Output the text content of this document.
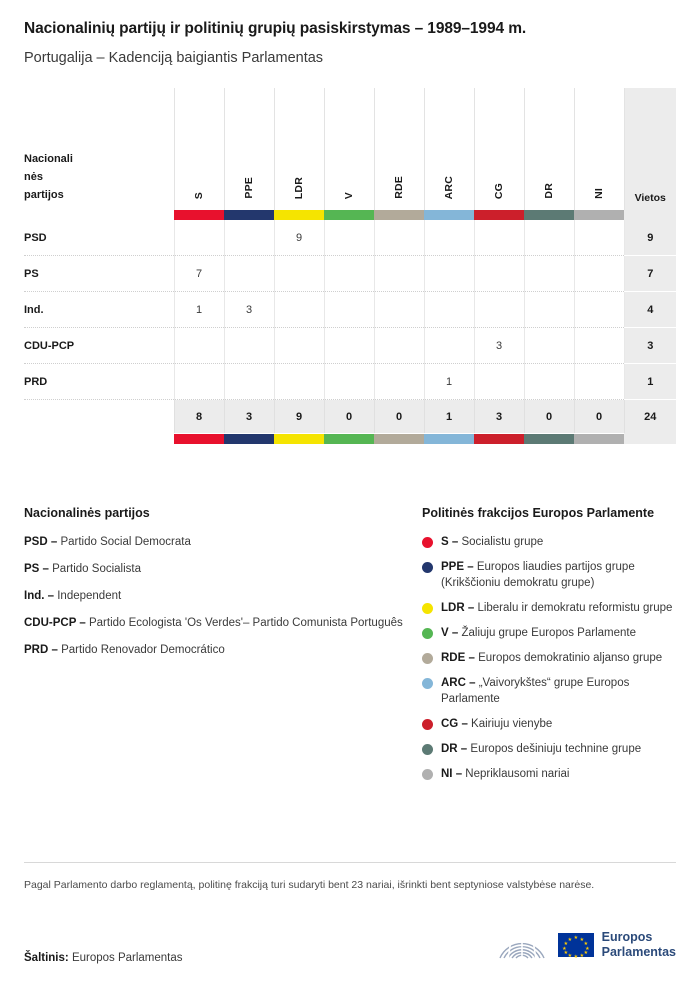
Nacionalinių partijų ir politinių grupių pasiskirstymas – 1989–1994 m.
Portugalija – Kadenciją baigiantis Parlamentas
Nacionali
nės
partijos	S	PPE	LDR	V	RDE	ARC	CG	DR	NI	Vietos

PSD			9							9
PS	7									7
Ind.	1	3								4
CDU-PCP							3			3
PRD						1				1
	8	3	9	0	0	1	3	0	0	24

Nacionalinės partijos
PSD – Partido Social Democrata
PS – Partido Socialista
Ind. – Independent
CDU-PCP – Partido Ecologista 'Os Verdes'– Partido Comunista Português
PRD – Partido Renovador Democrático
Politinės frakcijos Europos Parlamente
S – Socialistu grupe
PPE – Europos liaudies partijos grupe (Krikščioniu demokratu grupe)
LDR – Liberalu ir demokratu reformistu grupe
V – Žaliuju grupe Europos Parlamente
RDE – Europos demokratinio aljanso grupe
ARC – „Vaivorykštes“ grupe Europos Parlamente
CG – Kairiuju vienybe
DR – Europos dešiniuju technine grupe
NI – Nepriklausomi nariai
Pagal Parlamento darbo reglamentą, politinę frakciją turi sudaryti bent 23 nariai, išrinkti bent septyniose valstybėse narėse.
Šaltinis: Europos Parlamentas
★ ★
★
★
★
★
★
★
★
★
★
★ Europos
Parlamentas
